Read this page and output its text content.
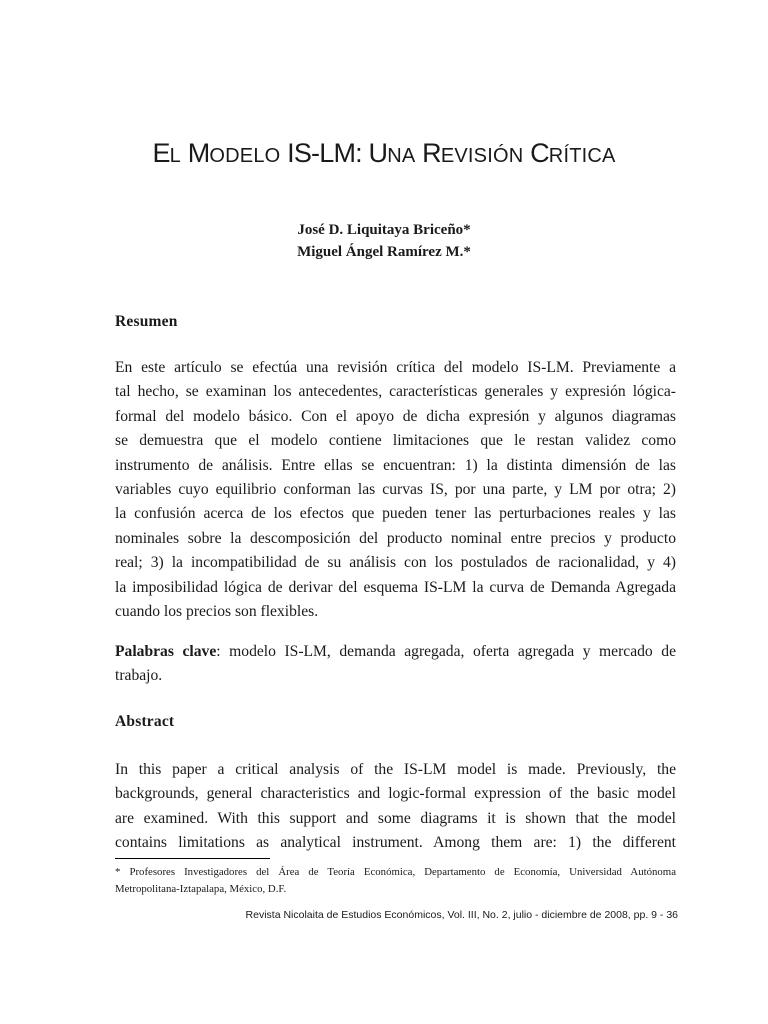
EL MODELO IS-LM: UNA REVISIÓN CRÍTICA
José D. Liquitaya Briceño*
Miguel Ángel Ramírez M.*
Resumen
En este artículo se efectúa una revisión crítica del modelo IS-LM. Previamente a
tal hecho, se examinan los antecedentes, características generales y expresión lógica-
formal del modelo básico. Con el apoyo de dicha expresión y algunos diagramas
se demuestra que el modelo contiene limitaciones que le restan validez como
instrumento de análisis. Entre ellas se encuentran: 1) la distinta dimensión de las
variables cuyo equilibrio conforman las curvas IS, por una parte, y LM por otra; 2)
la confusión acerca de los efectos que pueden tener las perturbaciones reales y las
nominales sobre la descomposición del producto nominal entre precios y producto
real; 3) la incompatibilidad de su análisis con los postulados de racionalidad, y 4)
la imposibilidad lógica de derivar del esquema IS-LM la curva de Demanda Agregada
cuando los precios son flexibles.
Palabras clave: modelo IS-LM, demanda agregada, oferta agregada y mercado de
trabajo.
Abstract
In this paper a critical analysis of the IS-LM model is made. Previously, the
backgrounds, general characteristics and logic-formal expression of the basic model
are examined. With this support and some diagrams it is shown that the model
contains limitations as analytical instrument. Among them are: 1) the different
* Profesores Investigadores del Área de Teoría Económica, Departamento de Economía, Universidad Autónoma
Metropolitana-Iztapalapa, México, D.F.
Revista Nicolaita de Estudios Económicos, Vol. III, No. 2, julio - diciembre de 2008, pp. 9 - 36
